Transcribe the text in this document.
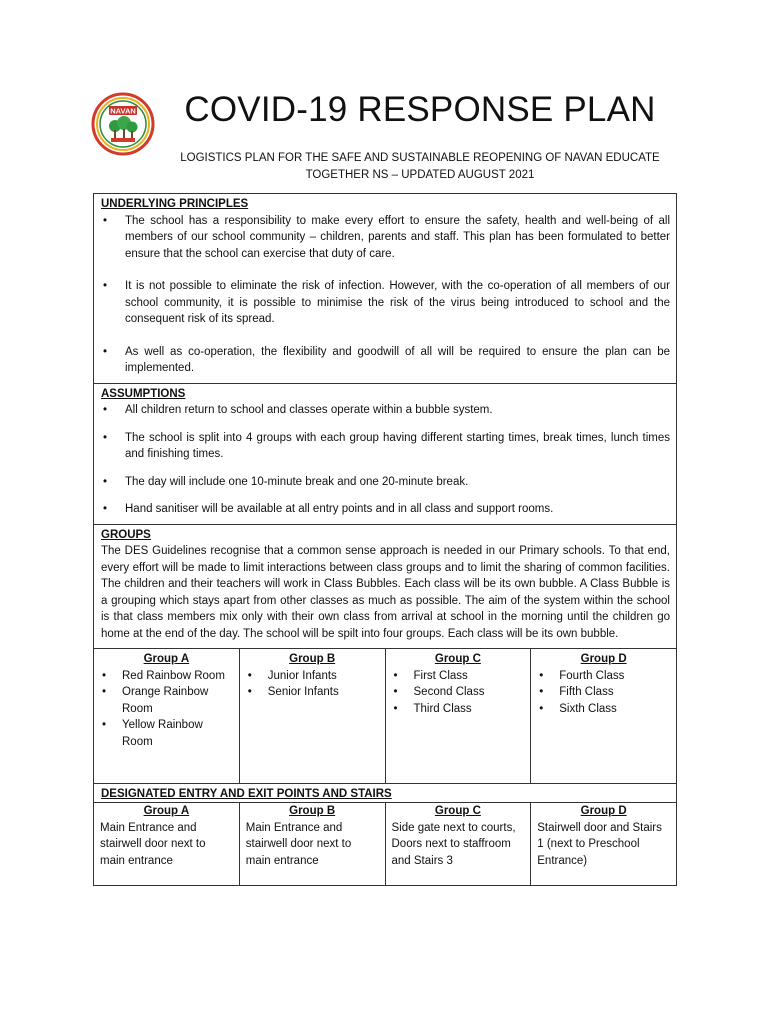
NAVAN	COVID-19 RESPONSE PLAN
LOGISTICS PLAN FOR THE SAFE AND SUSTAINABLE REOPENING OF NAVAN EDUCATE
TOGETHER NS – UPDATED AUGUST 2021
UNDERLYING PRINCIPLES
• The school has a responsibility to make every effort to ensure the safety, health and well-being of all members of our school community – children, parents and staff. This plan has been formulated to better ensure that the school can exercise that duty of care.
• It is not possible to eliminate the risk of infection. However, with the co-operation of all members of our school community, it is possible to minimise the risk of the virus being introduced to school and the consequent risk of its spread.
• As well as co-operation, the flexibility and goodwill of all will be required to ensure the plan can be implemented.
ASSUMPTIONS
• All children return to school and classes operate within a bubble system.
• The school is split into 4 groups with each group having different starting times, break times, lunch times and finishing times.
• The day will include one 10-minute break and one 20-minute break.
• Hand sanitiser will be available at all entry points and in all class and support rooms.
GROUPS
The DES Guidelines recognise that a common sense approach is needed in our Primary schools. To that end, every effort will be made to limit interactions between class groups and to limit the sharing of common facilities. The children and their teachers will work in Class Bubbles. Each class will be its own bubble. A Class Bubble is a grouping which stays apart from other classes as much as possible. The aim of the system within the school is that class members mix only with their own class from arrival at school in the morning until the children go home at the end of the day. The school will be spilt into four groups. Each class will be its own bubble.
Group A
• Red Rainbow Room
• Orange Rainbow Room
• Yellow Rainbow Room
Group B
• Junior Infants
• Senior Infants
Group C
• First Class
• Second Class
• Third Class
Group D
• Fourth Class
• Fifth Class
• Sixth Class
DESIGNATED ENTRY AND EXIT POINTS AND STAIRS
Group A
Main Entrance and stairwell door next to main entrance
Group B
Main Entrance and stairwell door next to main entrance
Group C
Side gate next to courts, Doors next to staffroom and Stairs 3
Group D
Stairwell door and Stairs 1 (next to Preschool Entrance)
